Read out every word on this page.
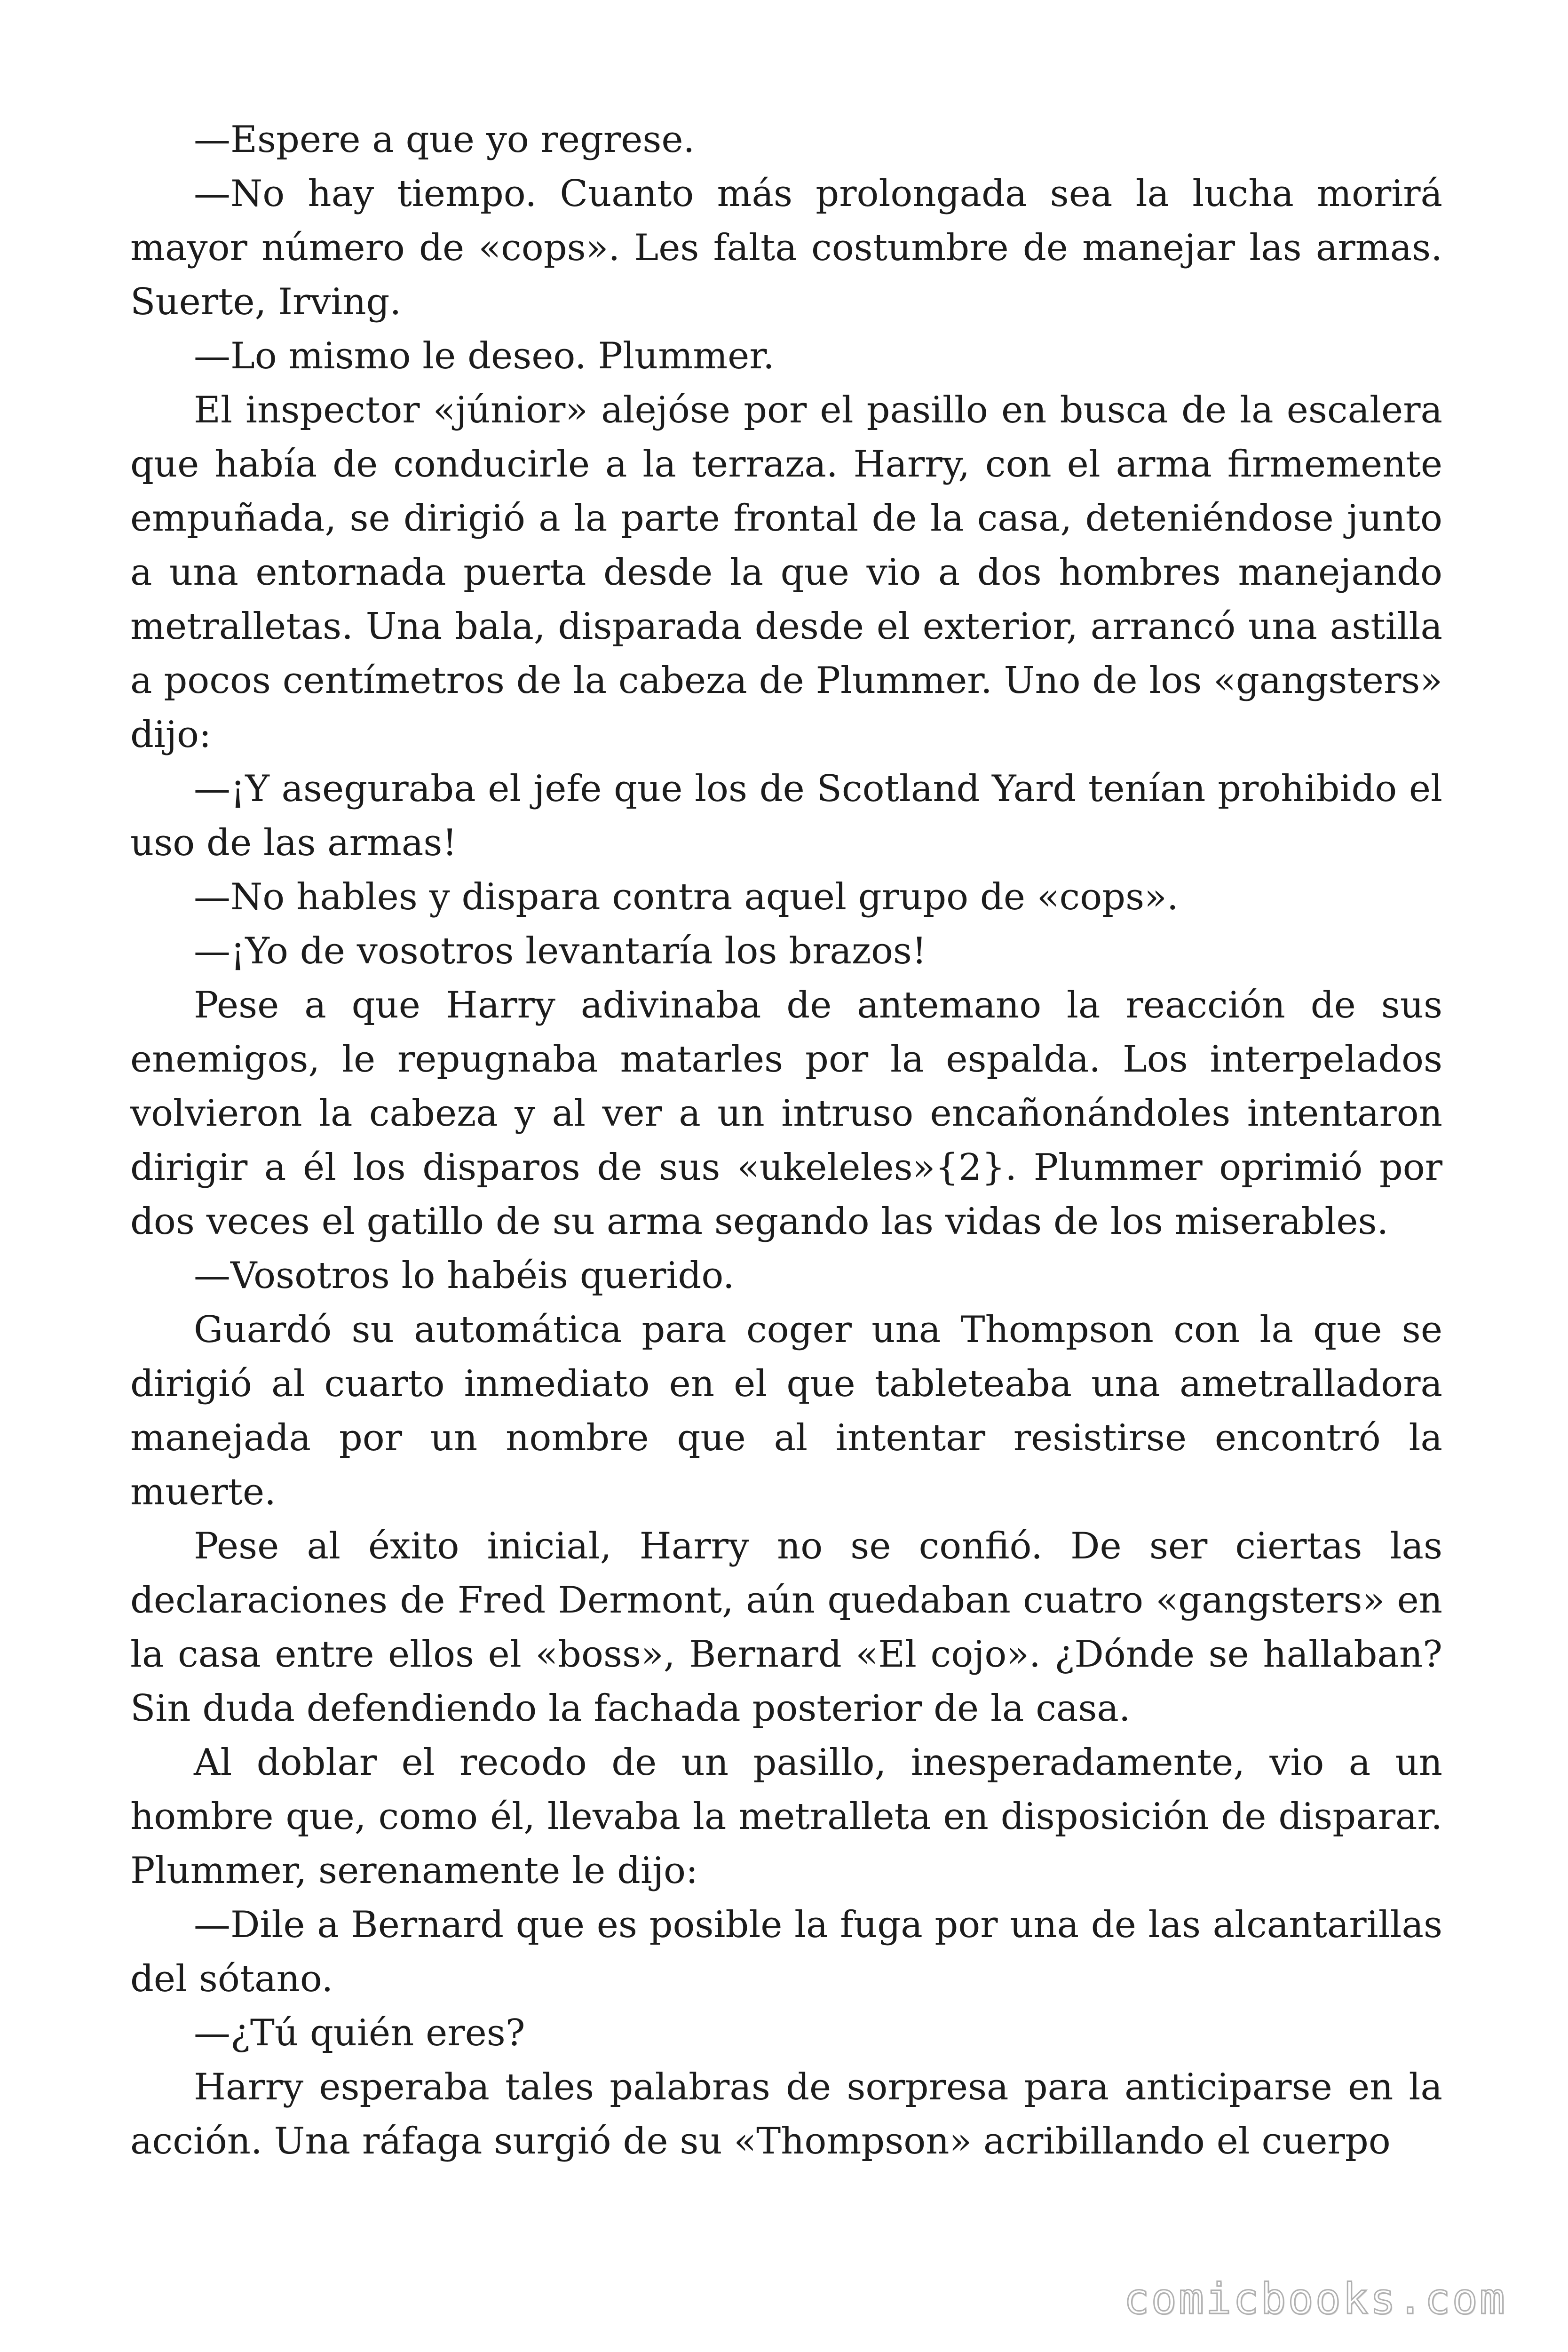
—Espere a que yo regrese.

—No hay tiempo. Cuanto más prolongada sea la lucha morirá mayor número de «cops». Les falta costumbre de manejar las armas. Suerte, Irving.

—Lo mismo le deseo. Plummer.

El inspector «júnior» alejóse por el pasillo en busca de la escalera que había de conducirle a la terraza. Harry, con el arma firmemente empuñada, se dirigió a la parte frontal de la casa, deteniéndose junto a una entornada puerta desde la que vio a dos hombres manejando metralletas. Una bala, disparada desde el exterior, arrancó una astilla a pocos centímetros de la cabeza de Plummer. Uno de los «gangsters» dijo:

—¡Y aseguraba el jefe que los de Scotland Yard tenían prohibido el uso de las armas!

—No hables y dispara contra aquel grupo de «cops».

—¡Yo de vosotros levantaría los brazos!

Pese a que Harry adivinaba de antemano la reacción de sus enemigos, le repugnaba matarles por la espalda. Los interpelados volvieron la cabeza y al ver a un intruso encañonándoles intentaron dirigir a él los disparos de sus «ukeleles»{2}. Plummer oprimió por dos veces el gatillo de su arma segando las vidas de los miserables.

—Vosotros lo habéis querido.

Guardó su automática para coger una Thompson con la que se dirigió al cuarto inmediato en el que tableteaba una ametralladora manejada por un nombre que al intentar resistirse encontró la muerte.

Pese al éxito inicial, Harry no se confió. De ser ciertas las declaraciones de Fred Dermont, aún quedaban cuatro «gangsters» en la casa entre ellos el «boss», Bernard «El cojo». ¿Dónde se hallaban? Sin duda defendiendo la fachada posterior de la casa.

Al doblar el recodo de un pasillo, inesperadamente, vio a un hombre que, como él, llevaba la metralleta en disposición de disparar. Plummer, serenamente le dijo:

—Dile a Bernard que es posible la fuga por una de las alcantarillas del sótano.

—¿Tú quién eres?

Harry esperaba tales palabras de sorpresa para anticiparse en la acción. Una ráfaga surgió de su «Thompson» acribillando el cuerpo

comicbooks.com
